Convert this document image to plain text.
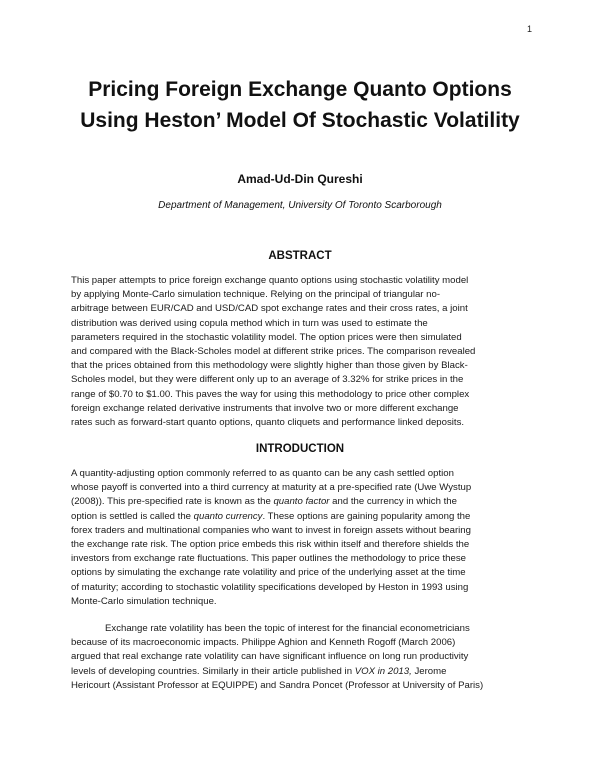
1
Pricing Foreign Exchange Quanto Options
Using Heston’ Model Of Stochastic Volatility
Amad-Ud-Din Qureshi
Department of Management, University Of Toronto Scarborough
ABSTRACT
This paper attempts to price foreign exchange quanto options using stochastic volatility model
by applying Monte-Carlo simulation technique. Relying on the principal of triangular no-
arbitrage between EUR/CAD and USD/CAD spot exchange rates and their cross rates, a joint
distribution was derived using copula method which in turn was used to estimate the
parameters required in the stochastic volatility model. The option prices were then simulated
and compared with the Black-Scholes model at different strike prices. The comparison revealed
that the prices obtained from this methodology were slightly higher than those given by Black-
Scholes model, but they were different only up to an average of 3.32% for strike prices in the
range of $0.70 to $1.00. This paves the way for using this methodology to price other complex
foreign exchange related derivative instruments that involve two or more different exchange
rates such as forward-start quanto options, quanto cliquets and performance linked deposits.
INTRODUCTION
A quantity-adjusting option commonly referred to as quanto can be any cash settled option
whose payoff is converted into a third currency at maturity at a pre-specified rate (Uwe Wystup
(2008)). This pre-specified rate is known as the quanto factor and the currency in which the
option is settled is called the quanto currency. These options are gaining popularity among the
forex traders and multinational companies who want to invest in foreign assets without bearing
the exchange rate risk. The option price embeds this risk within itself and therefore shields the
investors from exchange rate fluctuations. This paper outlines the methodology to price these
options by simulating the exchange rate volatility and price of the underlying asset at the time
of maturity; according to stochastic volatility specifications developed by Heston in 1993 using
Monte-Carlo simulation technique.
Exchange rate volatility has been the topic of interest for the financial econometricians
because of its macroeconomic impacts. Philippe Aghion and Kenneth Rogoff (March 2006)
argued that real exchange rate volatility can have significant influence on long run productivity
levels of developing countries. Similarly in their article published in VOX in 2013, Jerome
Hericourt (Assistant Professor at EQUIPPE) and Sandra Poncet (Professor at University of Paris)
